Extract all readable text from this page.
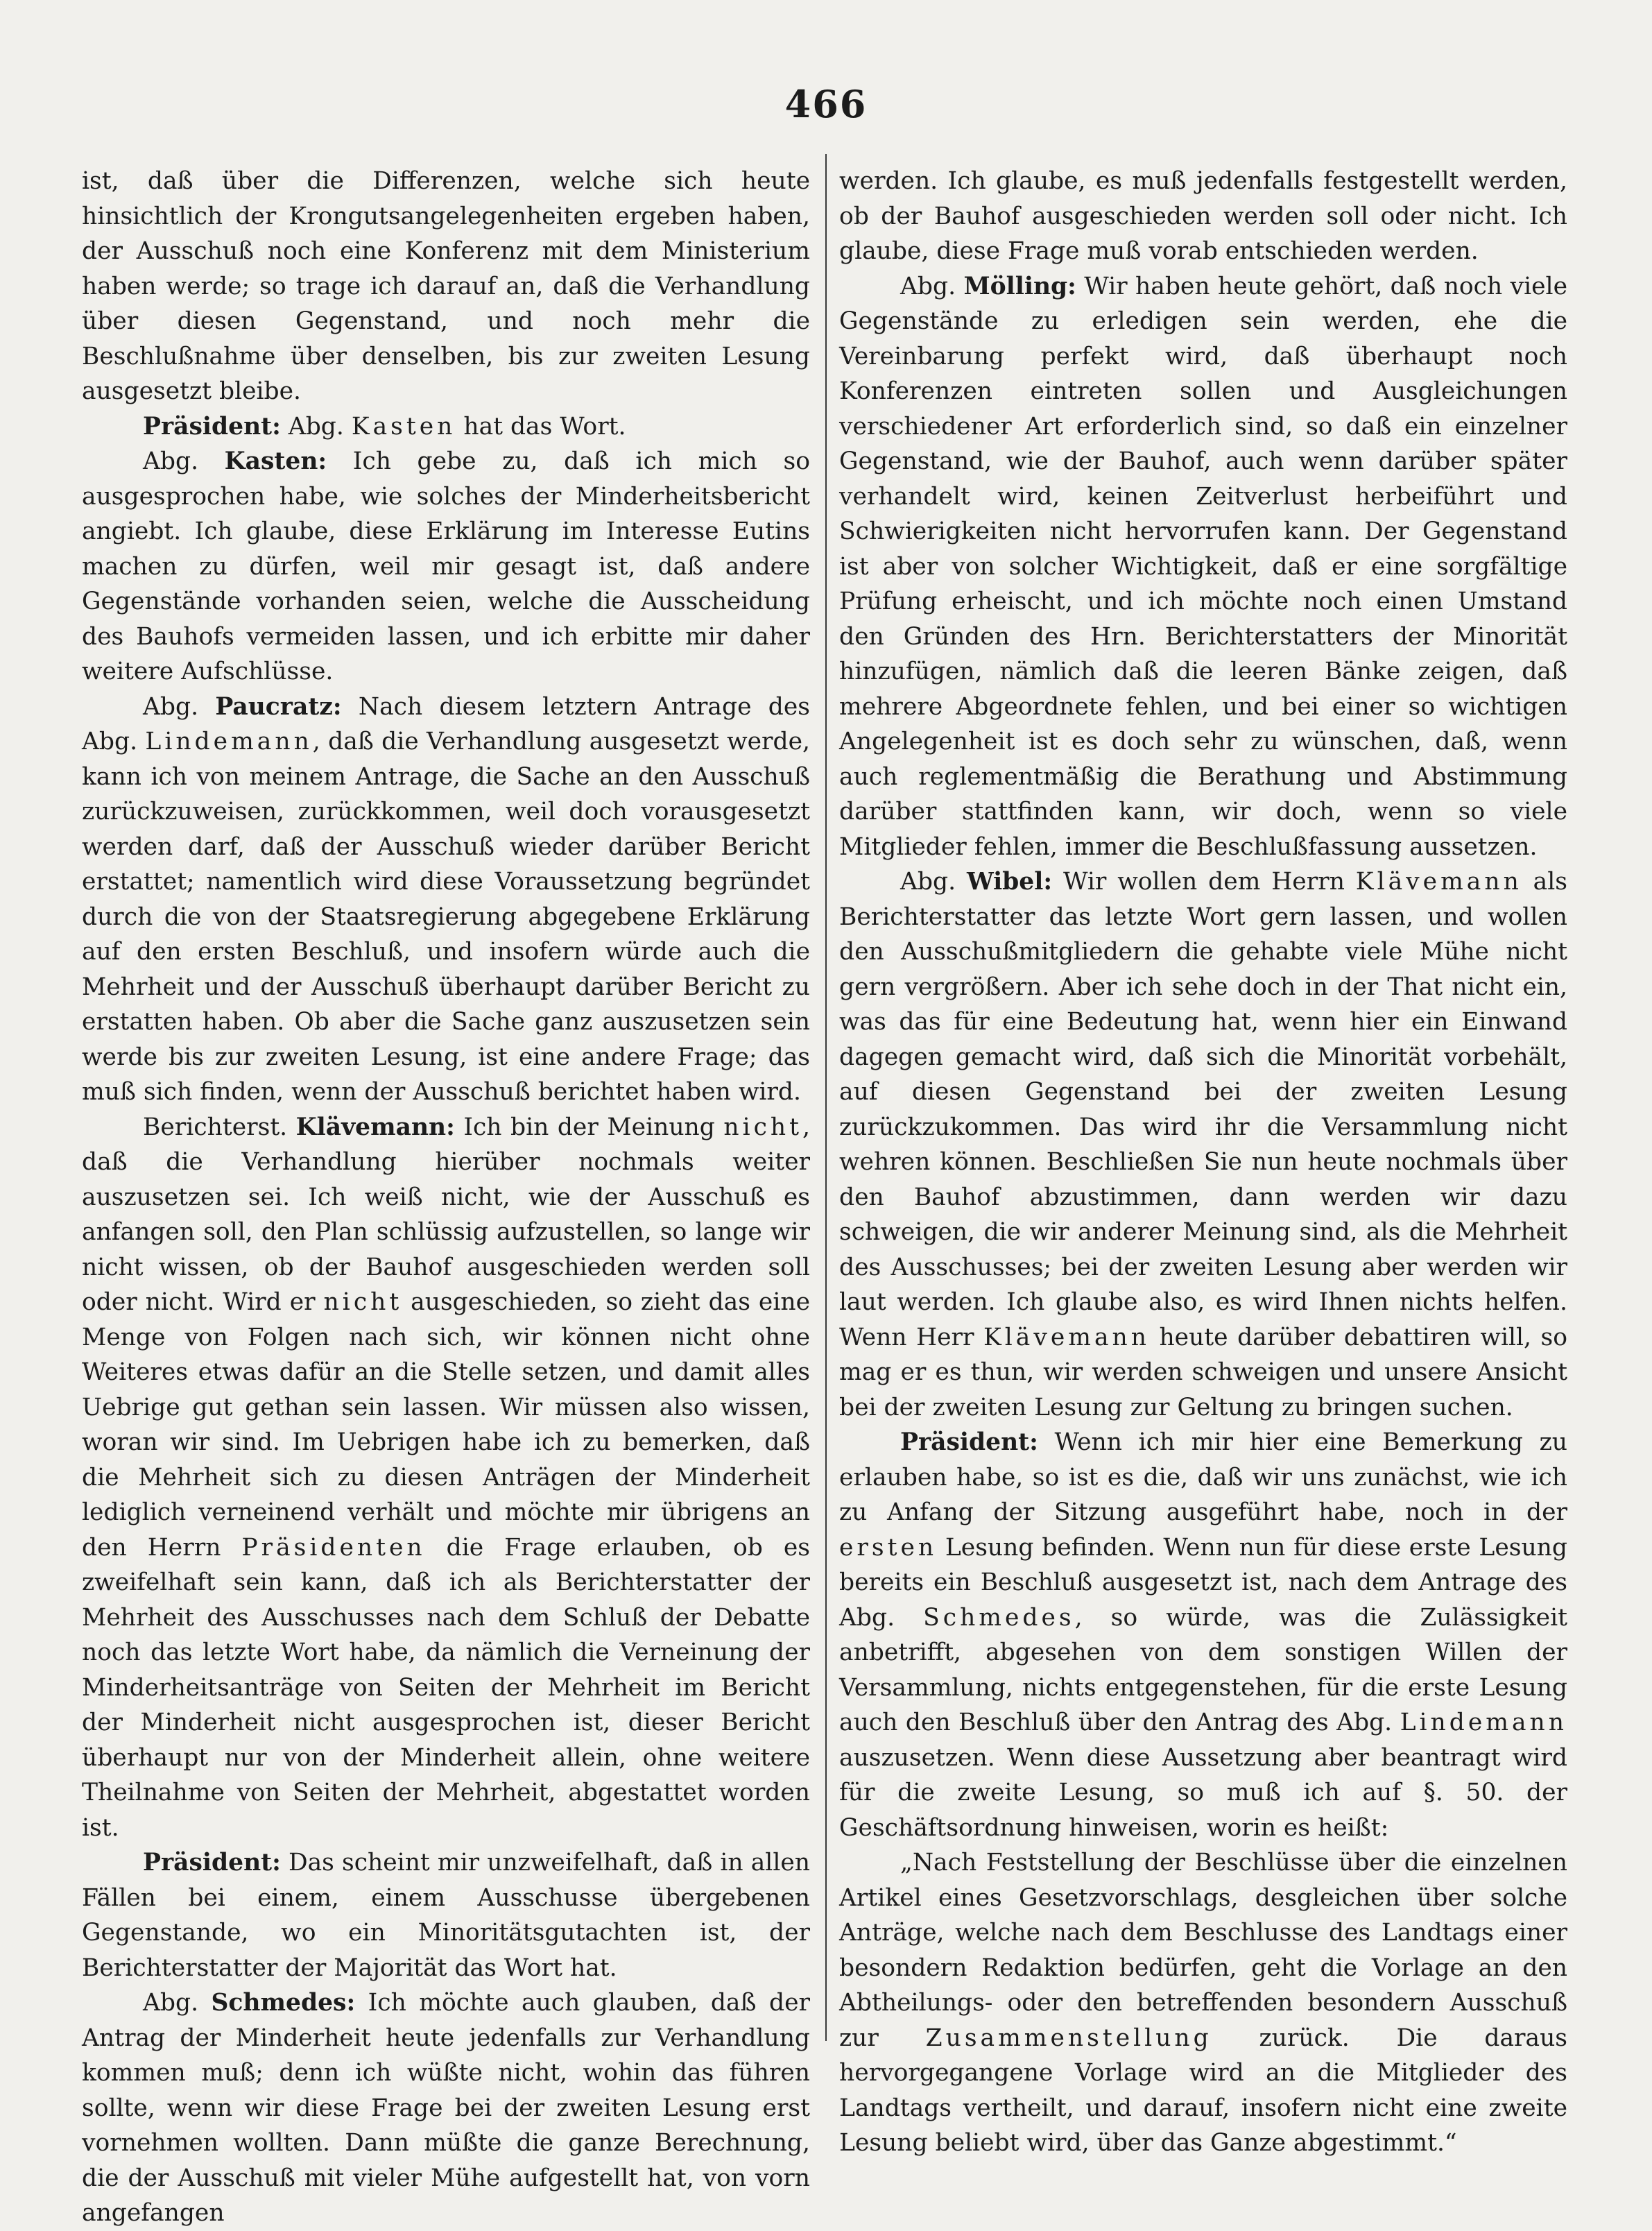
466

ist, daß über die Differenzen, welche sich heute hinsichtlich der Krongutsangelegenheiten ergeben haben, der Ausschuß noch eine Konferenz mit dem Ministerium haben werde; so trage ich darauf an, daß die Verhandlung über diesen Gegenstand, und noch mehr die Beschlußnahme über denselben, bis zur zweiten Lesung ausgesetzt bleibe.

Präsident: Abg. Kasten hat das Wort.

Abg. Kasten: Ich gebe zu, daß ich mich so ausgesprochen habe, wie solches der Minderheitsbericht angiebt. Ich glaube, diese Erklärung im Interesse Eutins machen zu dürfen, weil mir gesagt ist, daß andere Gegenstände vorhanden seien, welche die Ausscheidung des Bauhofs vermeiden lassen, und ich erbitte mir daher weitere Aufschlüsse.

Abg. Paucratz: Nach diesem letztern Antrage des Abg. Lindemann, daß die Verhandlung ausgesetzt werde, kann ich von meinem Antrage, die Sache an den Ausschuß zurückzuweisen, zurückkommen, weil doch vorausgesetzt werden darf, daß der Ausschuß wieder darüber Bericht erstattet; namentlich wird diese Voraussetzung begründet durch die von der Staatsregierung abgegebene Erklärung auf den ersten Beschluß, und insofern würde auch die Mehrheit und der Ausschuß überhaupt darüber Bericht zu erstatten haben. Ob aber die Sache ganz auszusetzen sein werde bis zur zweiten Lesung, ist eine andere Frage; das muß sich finden, wenn der Ausschuß berichtet haben wird.

Berichterst. Klävemann: Ich bin der Meinung nicht, daß die Verhandlung hierüber nochmals weiter auszusetzen sei. Ich weiß nicht, wie der Ausschuß es anfangen soll, den Plan schlüssig aufzustellen, so lange wir nicht wissen, ob der Bauhof ausgeschieden werden soll oder nicht. Wird er nicht ausgeschieden, so zieht das eine Menge von Folgen nach sich, wir können nicht ohne Weiteres etwas dafür an die Stelle setzen, und damit alles Uebrige gut gethan sein lassen. Wir müssen also wissen, woran wir sind. Im Uebrigen habe ich zu bemerken, daß die Mehrheit sich zu diesen Anträgen der Minderheit lediglich verneinend verhält und möchte mir übrigens an den Herrn Präsidenten die Frage erlauben, ob es zweifelhaft sein kann, daß ich als Berichterstatter der Mehrheit des Ausschusses nach dem Schluß der Debatte noch das letzte Wort habe, da nämlich die Verneinung der Minderheitsanträge von Seiten der Mehrheit im Bericht der Minderheit nicht ausgesprochen ist, dieser Bericht überhaupt nur von der Minderheit allein, ohne weitere Theilnahme von Seiten der Mehrheit, abgestattet worden ist.

Präsident: Das scheint mir unzweifelhaft, daß in allen Fällen bei einem, einem Ausschusse übergebenen Gegenstande, wo ein Minoritätsgutachten ist, der Berichterstatter der Majorität das Wort hat.

Abg. Schmedes: Ich möchte auch glauben, daß der Antrag der Minderheit heute jedenfalls zur Verhandlung kommen muß; denn ich wüßte nicht, wohin das führen sollte, wenn wir diese Frage bei der zweiten Lesung erst vornehmen wollten. Dann müßte die ganze Berechnung, die der Ausschuß mit vieler Mühe aufgestellt hat, von vorn angefangen

werden. Ich glaube, es muß jedenfalls festgestellt werden, ob der Bauhof ausgeschieden werden soll oder nicht. Ich glaube, diese Frage muß vorab entschieden werden.

Abg. Mölling: Wir haben heute gehört, daß noch viele Gegenstände zu erledigen sein werden, ehe die Vereinbarung perfekt wird, daß überhaupt noch Konferenzen eintreten sollen und Ausgleichungen verschiedener Art erforderlich sind, so daß ein einzelner Gegenstand, wie der Bauhof, auch wenn darüber später verhandelt wird, keinen Zeitverlust herbeiführt und Schwierigkeiten nicht hervorrufen kann. Der Gegenstand ist aber von solcher Wichtigkeit, daß er eine sorgfältige Prüfung erheischt, und ich möchte noch einen Umstand den Gründen des Hrn. Berichterstatters der Minorität hinzufügen, nämlich daß die leeren Bänke zeigen, daß mehrere Abgeordnete fehlen, und bei einer so wichtigen Angelegenheit ist es doch sehr zu wünschen, daß, wenn auch reglementmäßig die Berathung und Abstimmung darüber stattfinden kann, wir doch, wenn so viele Mitglieder fehlen, immer die Beschlußfassung aussetzen.

Abg. Wibel: Wir wollen dem Herrn Klävemann als Berichterstatter das letzte Wort gern lassen, und wollen den Ausschußmitgliedern die gehabte viele Mühe nicht gern vergrößern. Aber ich sehe doch in der That nicht ein, was das für eine Bedeutung hat, wenn hier ein Einwand dagegen gemacht wird, daß sich die Minorität vorbehält, auf diesen Gegenstand bei der zweiten Lesung zurückzukommen. Das wird ihr die Versammlung nicht wehren können. Beschließen Sie nun heute nochmals über den Bauhof abzustimmen, dann werden wir dazu schweigen, die wir anderer Meinung sind, als die Mehrheit des Ausschusses; bei der zweiten Lesung aber werden wir laut werden. Ich glaube also, es wird Ihnen nichts helfen. Wenn Herr Klävemann heute darüber debattiren will, so mag er es thun, wir werden schweigen und unsere Ansicht bei der zweiten Lesung zur Geltung zu bringen suchen.

Präsident: Wenn ich mir hier eine Bemerkung zu erlauben habe, so ist es die, daß wir uns zunächst, wie ich zu Anfang der Sitzung ausgeführt habe, noch in der ersten Lesung befinden. Wenn nun für diese erste Lesung bereits ein Beschluß ausgesetzt ist, nach dem Antrage des Abg. Schmedes, so würde, was die Zulässigkeit anbetrifft, abgesehen von dem sonstigen Willen der Versammlung, nichts entgegenstehen, für die erste Lesung auch den Beschluß über den Antrag des Abg. Lindemann auszusetzen. Wenn diese Aussetzung aber beantragt wird für die zweite Lesung, so muß ich auf §. 50. der Geschäftsordnung hinweisen, worin es heißt:

„Nach Feststellung der Beschlüsse über die einzelnen Artikel eines Gesetzvorschlags, desgleichen über solche Anträge, welche nach dem Beschlusse des Landtags einer besondern Redaktion bedürfen, geht die Vorlage an den Abtheilungs- oder den betreffenden besondern Ausschuß zur Zusammenstellung zurück. Die daraus hervorgegangene Vorlage wird an die Mitglieder des Landtags vertheilt, und darauf, insofern nicht eine zweite Lesung beliebt wird, über das Ganze abgestimmt.“
